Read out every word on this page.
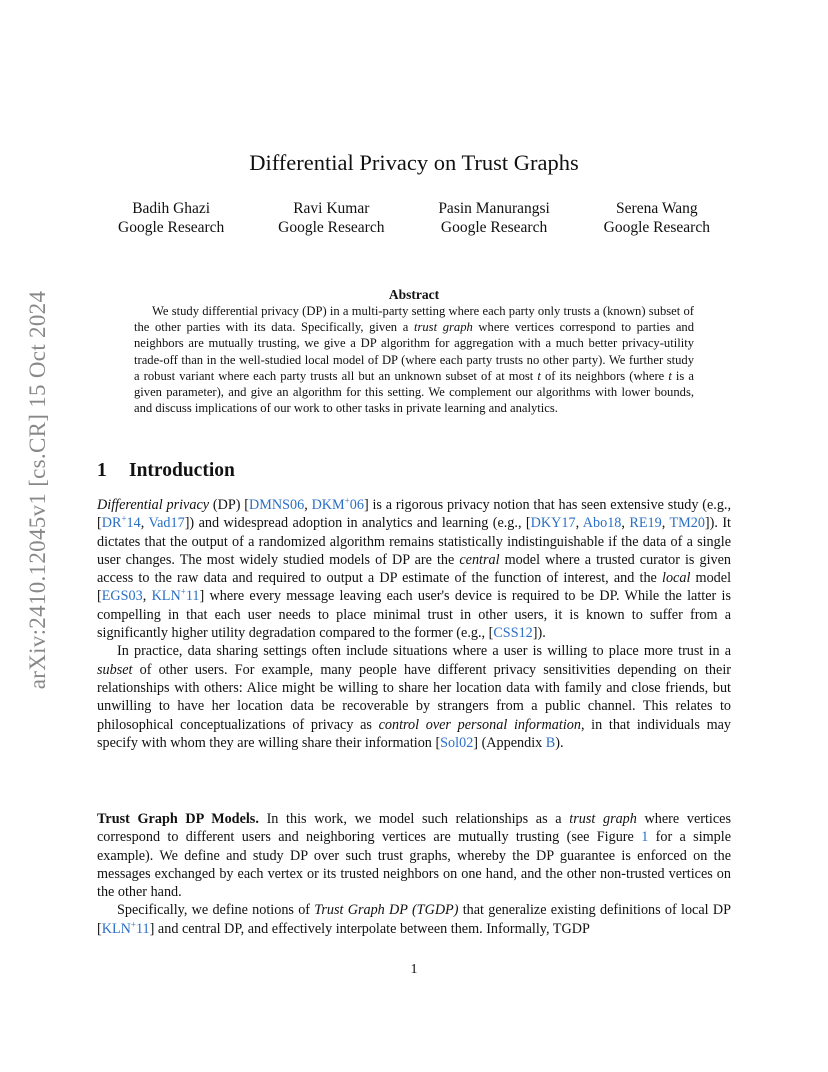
arXiv:2410.12045v1 [cs.CR] 15 Oct 2024
Differential Privacy on Trust Graphs
Badih Ghazi
Google Research
Ravi Kumar
Google Research
Pasin Manurangsi
Google Research
Serena Wang
Google Research
Abstract

We study differential privacy (DP) in a multi-party setting where each party only trusts a (known) subset of the other parties with its data. Specifically, given a trust graph where vertices correspond to parties and neighbors are mutually trusting, we give a DP algorithm for aggregation with a much better privacy-utility trade-off than in the well-studied local model of DP (where each party trusts no other party). We further study a robust variant where each party trusts all but an unknown subset of at most t of its neighbors (where t is a given parameter), and give an algorithm for this setting. We complement our algorithms with lower bounds, and discuss implications of our work to other tasks in private learning and analytics.

1 Introduction

Differential privacy (DP) [DMNS06, DKM+06] is a rigorous privacy notion that has seen extensive study (e.g., [DR+14, Vad17]) and widespread adoption in analytics and learning (e.g., [DKY17, Abo18, RE19, TM20]). It dictates that the output of a randomized algorithm remains statistically indistinguishable if the data of a single user changes. The most widely studied models of DP are the central model where a trusted curator is given access to the raw data and required to output a DP estimate of the function of interest, and the local model [EGS03, KLN+11] where every message leaving each user's device is required to be DP. While the latter is compelling in that each user needs to place minimal trust in other users, it is known to suffer from a significantly higher utility degradation compared to the former (e.g., [CSS12]).

In practice, data sharing settings often include situations where a user is willing to place more trust in a subset of other users. For example, many people have different privacy sensitivities depending on their relationships with others: Alice might be willing to share her location data with family and close friends, but unwilling to have her location data be recoverable by strangers from a public channel. This relates to philosophical conceptualizations of privacy as control over personal information, in that individuals may specify with whom they are willing share their information [Sol02] (Appendix B).

Trust Graph DP Models. In this work, we model such relationships as a trust graph where vertices correspond to different users and neighboring vertices are mutually trusting (see Figure 1 for a simple example). We define and study DP over such trust graphs, whereby the DP guarantee is enforced on the messages exchanged by each vertex or its trusted neighbors on one hand, and the other non-trusted vertices on the other hand.

Specifically, we define notions of Trust Graph DP (TGDP) that generalize existing definitions of local DP [KLN+11] and central DP, and effectively interpolate between them. Informally, TGDP

1
